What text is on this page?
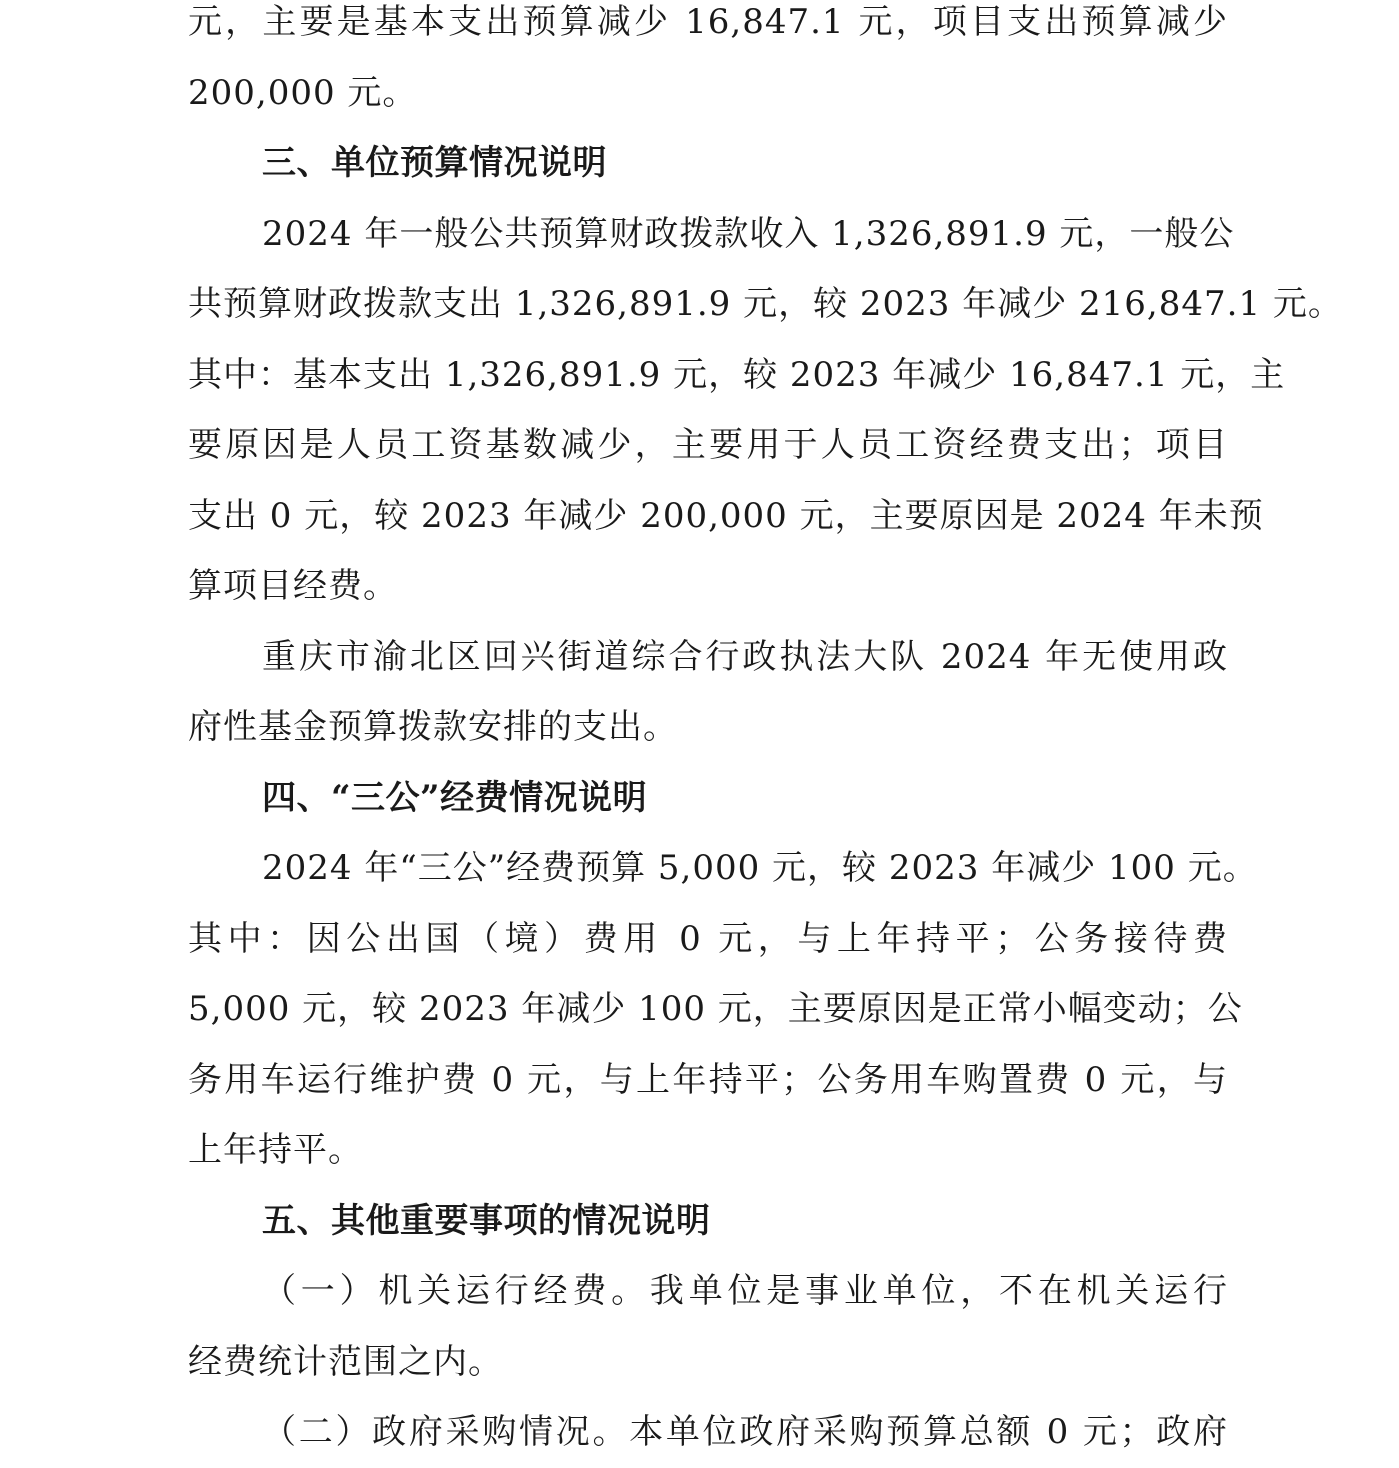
元，主要是基本支出预算减少 16,847.1 元，项目支出预算减少
200,000 元。
三、单位预算情况说明
2024 年一般公共预算财政拨款收入 1,326,891.9 元，一般公
共预算财政拨款支出 1,326,891.9 元，较 2023 年减少 216,847.1 元。
其中：基本支出 1,326,891.9 元，较 2023 年减少 16,847.1 元，主
要原因是人员工资基数减少，主要用于人员工资经费支出；项目
支出 0 元，较 2023 年减少 200,000 元，主要原因是 2024 年未预
算项目经费。
重庆市渝北区回兴街道综合行政执法大队 2024 年无使用政
府性基金预算拨款安排的支出。
四、“三公”经费情况说明
2024 年“三公”经费预算 5,000 元，较 2023 年减少 100 元。
其中：因公出国（境）费用 0 元，与上年持平；公务接待费
5,000 元，较 2023 年减少 100 元，主要原因是正常小幅变动；公
务用车运行维护费 0 元，与上年持平；公务用车购置费 0 元，与
上年持平。
五、其他重要事项的情况说明
（一）机关运行经费。我单位是事业单位，不在机关运行
经费统计范围之内。
（二）政府采购情况。本单位政府采购预算总额 0 元；政府
